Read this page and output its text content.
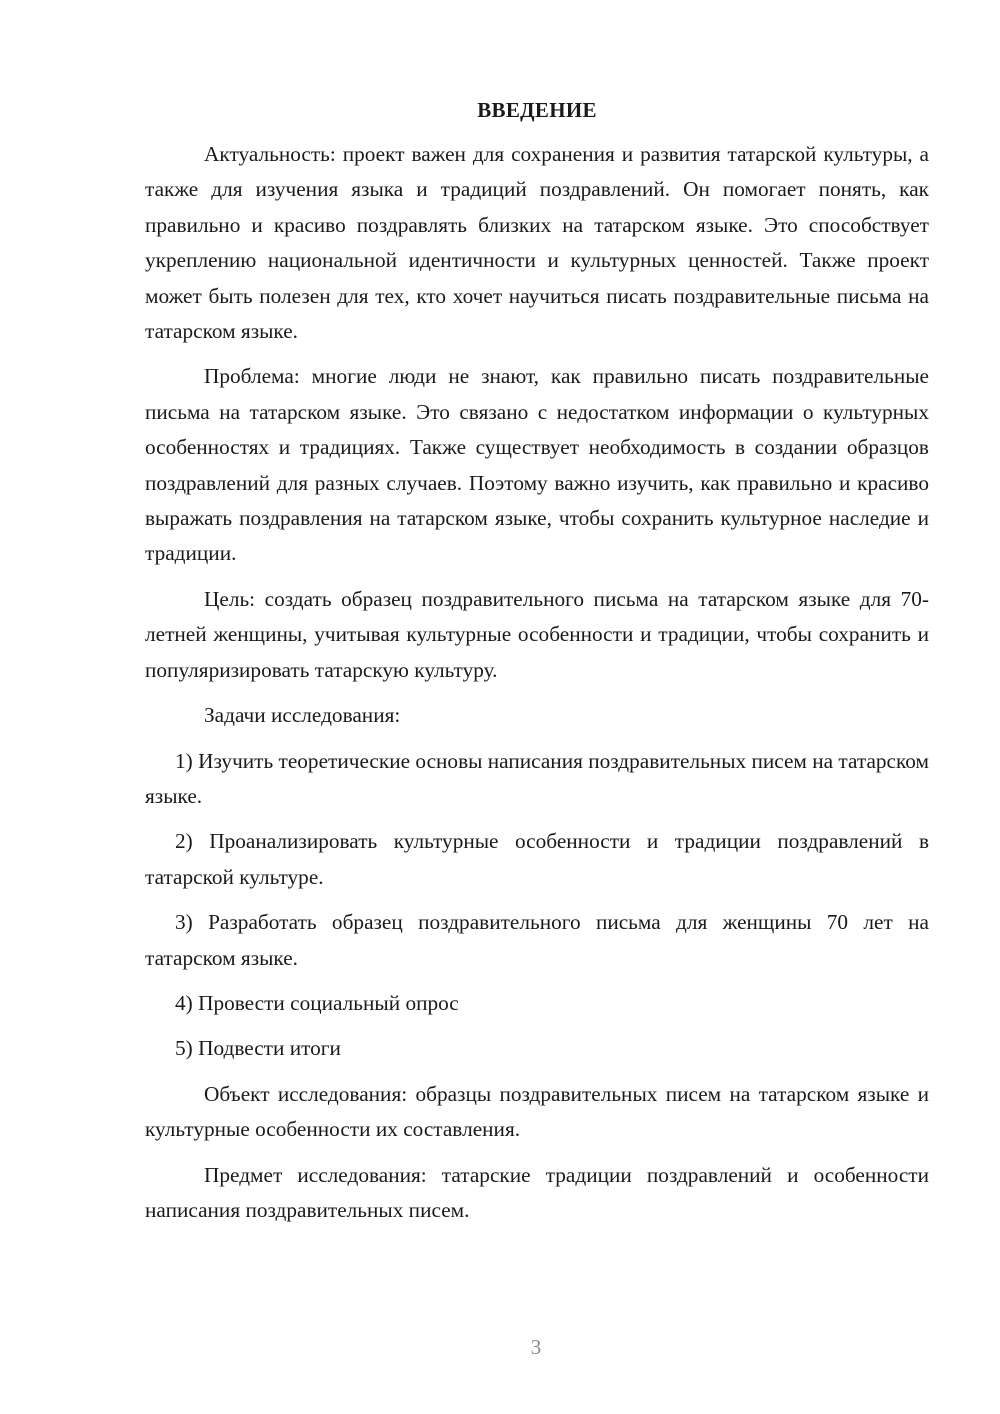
ВВЕДЕНИЕ

Актуальность: проект важен для сохранения и развития татарской культуры, а также для изучения языка и традиций поздравлений. Он помогает понять, как правильно и красиво поздравлять близких на татарском языке. Это способствует укреплению национальной идентичности и культурных ценностей. Также проект может быть полезен для тех, кто хочет научиться писать поздравительные письма на татарском языке.

Проблема: многие люди не знают, как правильно писать поздравительные письма на татарском языке. Это связано с недостатком информации о культурных особенностях и традициях. Также существует необходимость в создании образцов поздравлений для разных случаев. Поэтому важно изучить, как правильно и красиво выражать поздравления на татарском языке, чтобы сохранить культурное наследие и традиции.

Цель: создать образец поздравительного письма на татарском языке для 70-летней женщины, учитывая культурные особенности и традиции, чтобы сохранить и популяризировать татарскую культуру.

Задачи исследования:

1) Изучить теоретические основы написания поздравительных писем на татарском языке.

2) Проанализировать культурные особенности и традиции поздравлений в татарской культуре.

3) Разработать образец поздравительного письма для женщины 70 лет на татарском языке.

4) Провести социальный опрос

5) Подвести итоги

Объект исследования: образцы поздравительных писем на татарском языке и культурные особенности их составления.

Предмет исследования: татарские традиции поздравлений и особенности написания поздравительных писем.

3
